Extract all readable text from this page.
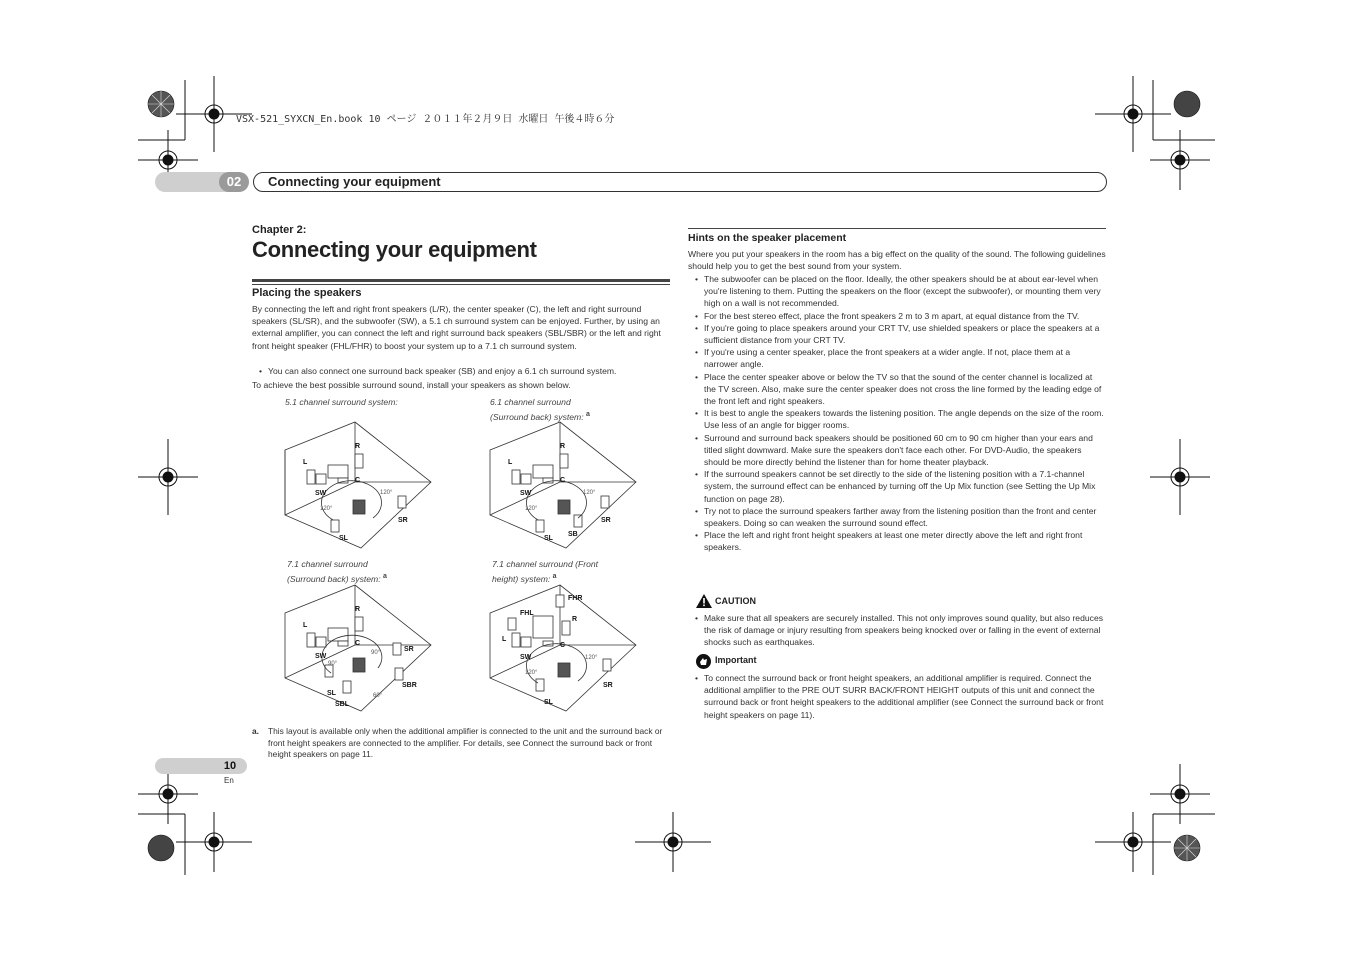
VSX-521_SYXCN_En.book 10 ページ ２０１１年２月９日 水曜日 午後４時６分
02	Connecting your equipment
Chapter 2:
Connecting your equipment
Placing the speakers
By connecting the left and right front speakers (L/R), the center speaker (C), the left and right surround speakers (SL/SR), and the subwoofer (SW), a 5.1 ch surround system can be enjoyed. Further, by using an external amplifier, you can connect the left and right surround back speakers (SBL/SBR) or the left and right front height speaker (FHL/FHR) to boost your system up to a 7.1 ch surround system.
• You can also connect one surround back speaker (SB) and enjoy a 6.1 ch surround system.
To achieve the best possible surround sound, install your speakers as shown below.
5.1 channel surround system:	6.1 channel surround (Surround back) system: $^a$
7.1 channel surround (Surround back) system: $^a$
7.1 channel surround (Front height) system: $^a$
L
R
C
SW
SR
SL
120°
120°
L
R
C
SW
SR
SB
SL
120°
120°
L
R
C
SW
SR
SL
SBL
SBR
90°
90°
60°
FHL
FHR
L
R
C
SW
SR
SL
120°
120°
a. This layout is available only when the additional amplifier is connected to the unit and the surround back or front height speakers are connected to the amplifier. For details, see Connect the surround back or front height speakers on page 11.
Hints on the speaker placement
Where you put your speakers in the room has a big effect on the quality of the sound. The following guidelines should help you to get the best sound from your system.
• The subwoofer can be placed on the floor. Ideally, the other speakers should be at about ear-level when you're listening to them. Putting the speakers on the floor (except the subwoofer), or mounting them very high on a wall is not recommended.
• For the best stereo effect, place the front speakers 2 m to 3 m apart, at equal distance from the TV.
• If you're going to place speakers around your CRT TV, use shielded speakers or place the speakers at a sufficient distance from your CRT TV.
• If you're using a center speaker, place the front speakers at a wider angle. If not, place them at a narrower angle.
• Place the center speaker above or below the TV so that the sound of the center channel is localized at the TV screen. Also, make sure the center speaker does not cross the line formed by the leading edge of the front left and right speakers.
• It is best to angle the speakers towards the listening position. The angle depends on the size of the room. Use less of an angle for bigger rooms.
• Surround and surround back speakers should be positioned 60 cm to 90 cm higher than your ears and titled slight downward. Make sure the speakers don't face each other. For DVD-Audio, the speakers should be more directly behind the listener than for home theater playback.
• If the surround speakers cannot be set directly to the side of the listening position with a 7.1-channel system, the surround effect can be enhanced by turning off the Up Mix function (see Setting the Up Mix function on page 28).
• Try not to place the surround speakers farther away from the listening position than the front and center speakers. Doing so can weaken the surround sound effect.
• Place the left and right front height speakers at least one meter directly above the left and right front speakers.
CAUTION
• Make sure that all speakers are securely installed. This not only improves sound quality, but also reduces the risk of damage or injury resulting from speakers being knocked over or falling in the event of external shocks such as earthquakes.
Important
• To connect the surround back or front height speakers, an additional amplifier is required. Connect the additional amplifier to the PRE OUT SURR BACK/FRONT HEIGHT outputs of this unit and connect the surround back or front height speakers to the additional amplifier (see Connect the surround back or front height speakers on page 11).
10
En
